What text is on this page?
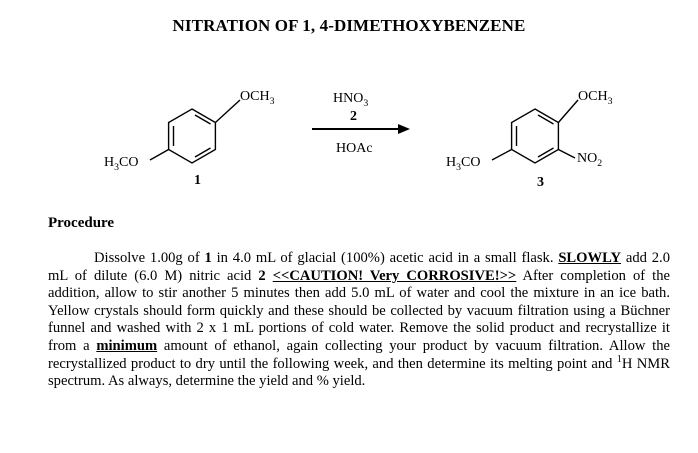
NITRATION OF 1, 4-DIMETHOXYBENZENE
$OCH_3$
$H_3CO$
1
$HNO_3$
2
HOAc
$OCH_3$
$H_3CO$	$NO_2$
3
Procedure
Dissolve 1.00g of 1 in 4.0 mL of glacial (100%) acetic acid in a small flask. SLOWLY add 2.0 mL of dilute (6.0 M) nitric acid 2 <<CAUTION! Very CORROSIVE!>> After completion of the addition, allow to stir another 5 minutes then add 5.0 mL of water and cool the mixture in an ice bath. Yellow crystals should form quickly and these should be collected by vacuum filtration using a Büchner funnel and washed with 2 x 1 mL portions of cold water. Remove the solid product and recrystallize it from a minimum amount of ethanol, again collecting your product by vacuum filtration. Allow the recrystallized product to dry until the following week, and then determine its melting point and $^1$H NMR spectrum. As always, determine the yield and % yield.
